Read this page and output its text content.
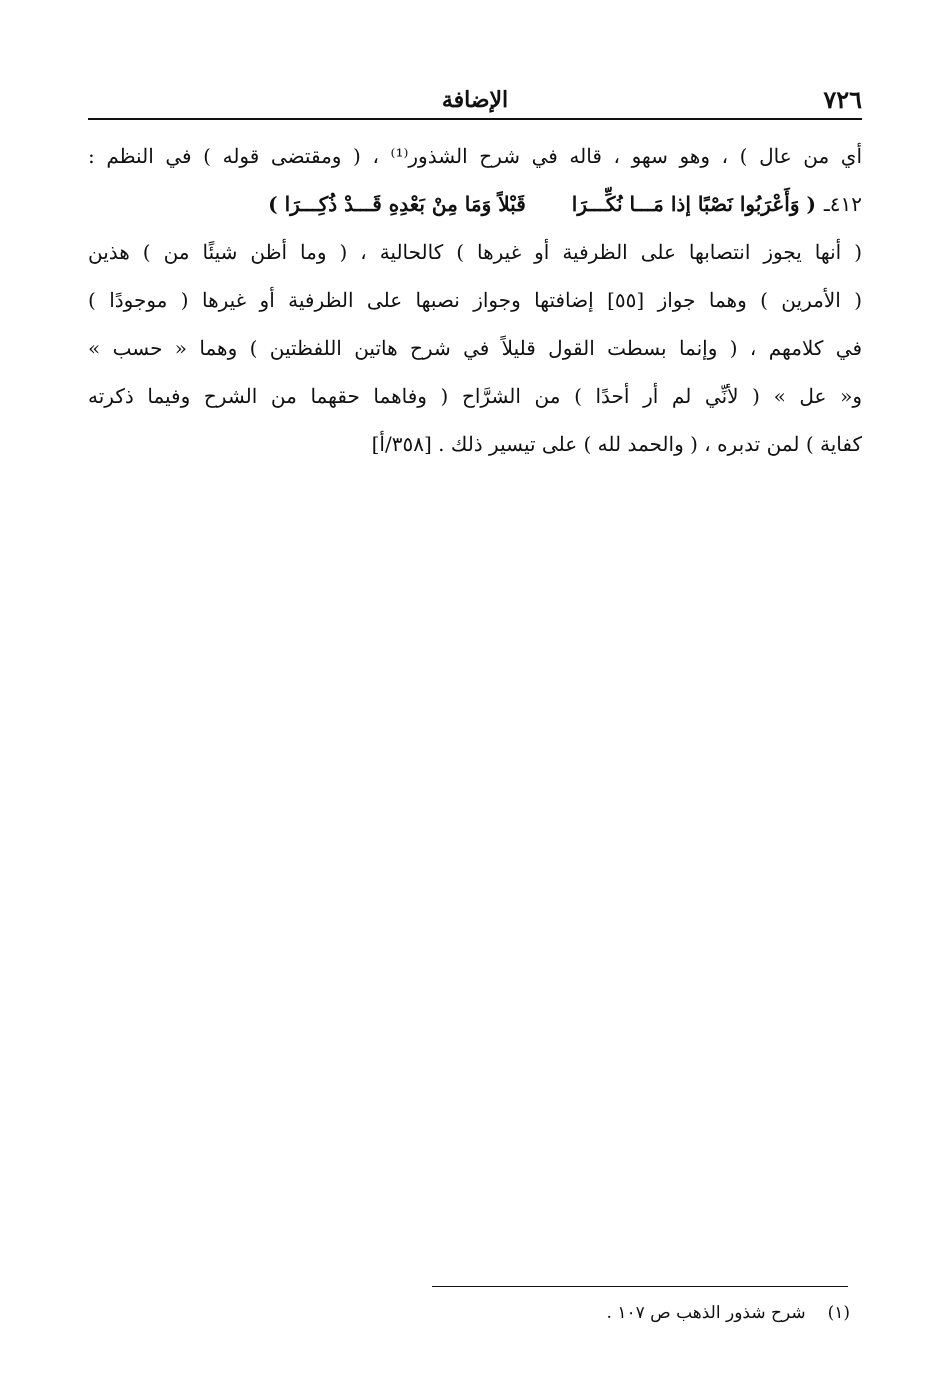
٧٢٦
الإضافة
أي من عال ) ، وهو سهو ، قاله في شرح الشذور⁽¹⁾ ، ( ومقتضى قوله ) في النظم :
٤١٢ـ( وَأَعْرَبُوا نَصْبًا إذا مَـــا نُكِّـــرَاقَبْلاً وَمَا مِنْ بَعْدِهِ قَـــدْ ذُكِـــرَا )
( أنها يجوز انتصابها على الظرفية أو غيرها ) كالحالية ، ( وما أظن شيئًا من ) هذين
( الأمرين ) وهما جواز [٥٥] إضافتها وجواز نصبها على الظرفية أو غيرها ( موجودًا )
في كلامهم ، ( وإنما بسطت القول قليلاً في شرح هاتين اللفظتين ) وهما « حسب »
و« عل » ( لأنِّي لم أر أحدًا ) من الشرَّاح ( وفاهما حقهما من الشرح وفيما ذكرته
كفاية ) لمن تدبره ، ( والحمد لله ) على تيسير ذلك . [٣٥٨/أ]
(١)شرح شذور الذهب ص ١٠٧ .
